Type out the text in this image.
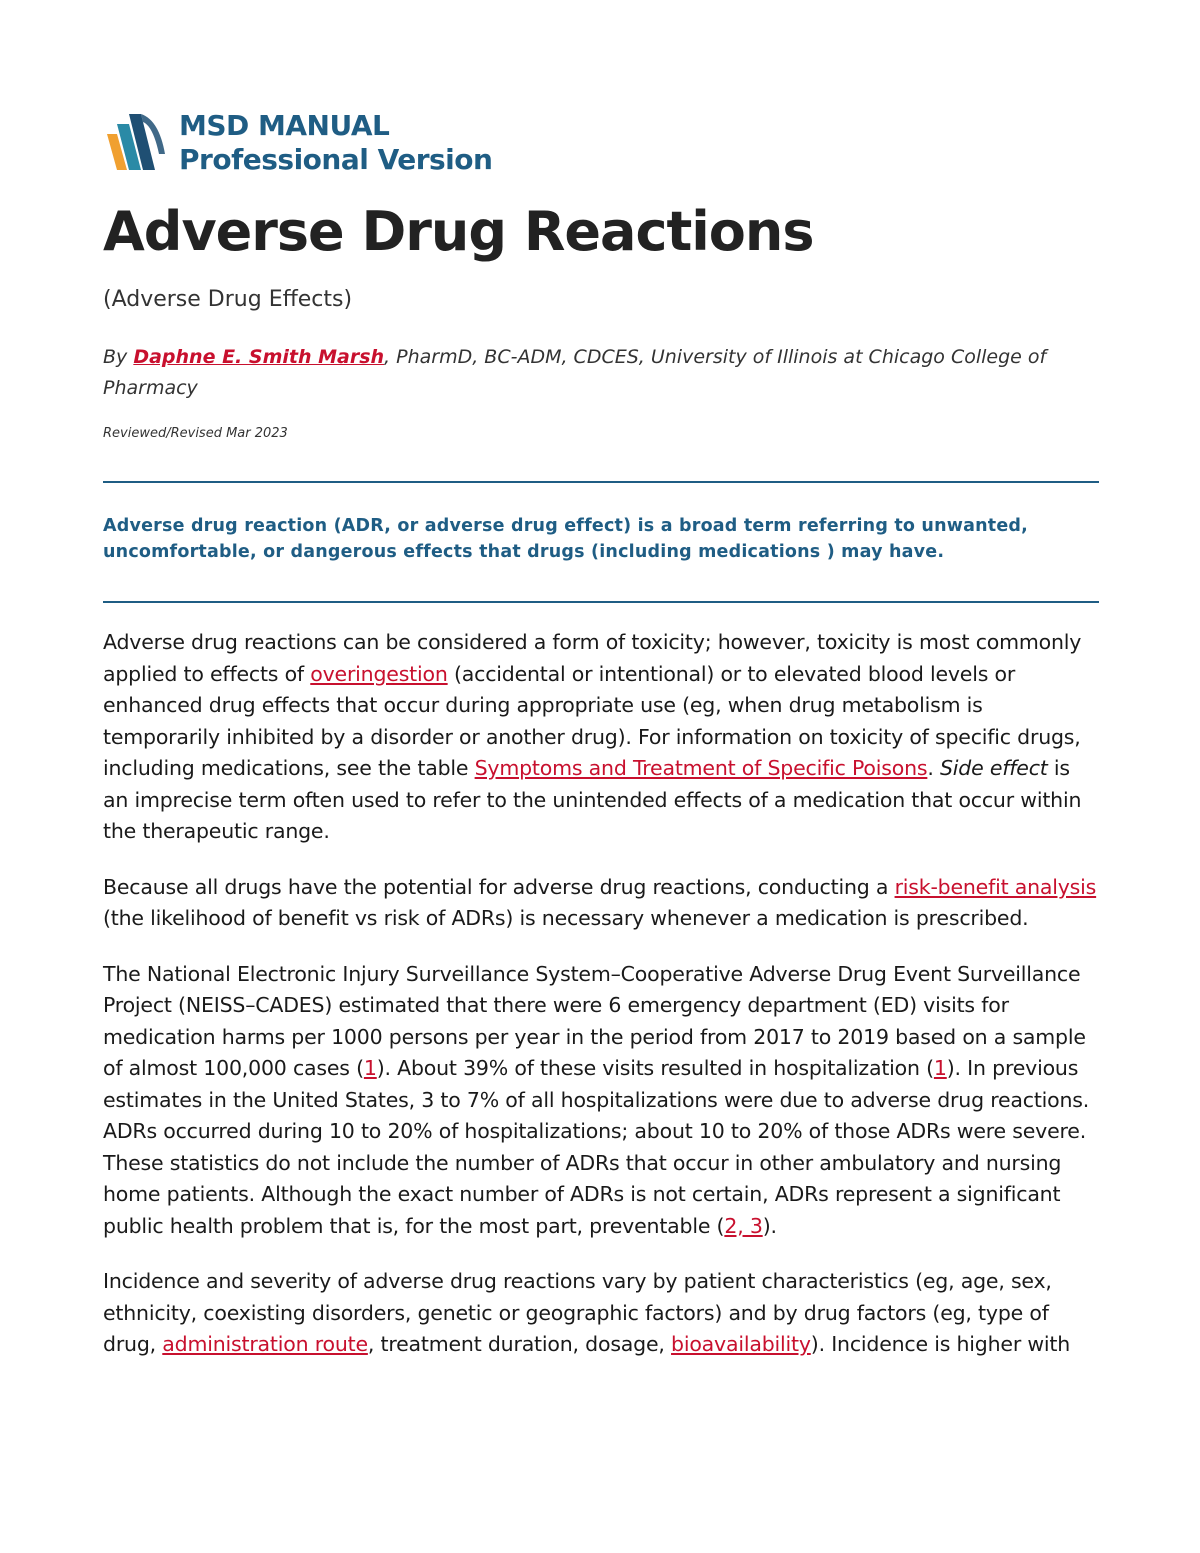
MSD MANUAL
Professional Version
Adverse Drug Reactions
(Adverse Drug Effects)
By Daphne E. Smith Marsh, PharmD, BC-ADM, CDCES, University of Illinois at Chicago College of Pharmacy
Reviewed/Revised Mar 2023
Adverse drug reaction (ADR, or adverse drug effect) is a broad term referring to unwanted, uncomfortable, or dangerous effects that drugs (including medications ) may have.

Adverse drug reactions can be considered a form of toxicity; however, toxicity is most commonly applied to effects of overingestion (accidental or intentional) or to elevated blood levels or enhanced drug effects that occur during appropriate use (eg, when drug metabolism is temporarily inhibited by a disorder or another drug). For information on toxicity of specific drugs, including medications, see the table Symptoms and Treatment of Specific Poisons. Side effect is an imprecise term often used to refer to the unintended effects of a medication that occur within the therapeutic range.

Because all drugs have the potential for adverse drug reactions, conducting a risk-benefit analysis (the likelihood of benefit vs risk of ADRs) is necessary whenever a medication is prescribed.

The National Electronic Injury Surveillance System–Cooperative Adverse Drug Event Surveillance Project (NEISS–CADES) estimated that there were 6 emergency department (ED) visits for medication harms per 1000 persons per year in the period from 2017 to 2019 based on a sample of almost 100,000 cases (1). About 39% of these visits resulted in hospitalization (1). In previous estimates in the United States, 3 to 7% of all hospitalizations were due to adverse drug reactions. ADRs occurred during 10 to 20% of hospitalizations; about 10 to 20% of those ADRs were severe. These statistics do not include the number of ADRs that occur in other ambulatory and nursing home patients. Although the exact number of ADRs is not certain, ADRs represent a significant public health problem that is, for the most part, preventable (2, 3).

Incidence and severity of adverse drug reactions vary by patient characteristics (eg, age, sex, ethnicity, coexisting disorders, genetic or geographic factors) and by drug factors (eg, type of drug, administration route, treatment duration, dosage, bioavailability). Incidence is higher with
